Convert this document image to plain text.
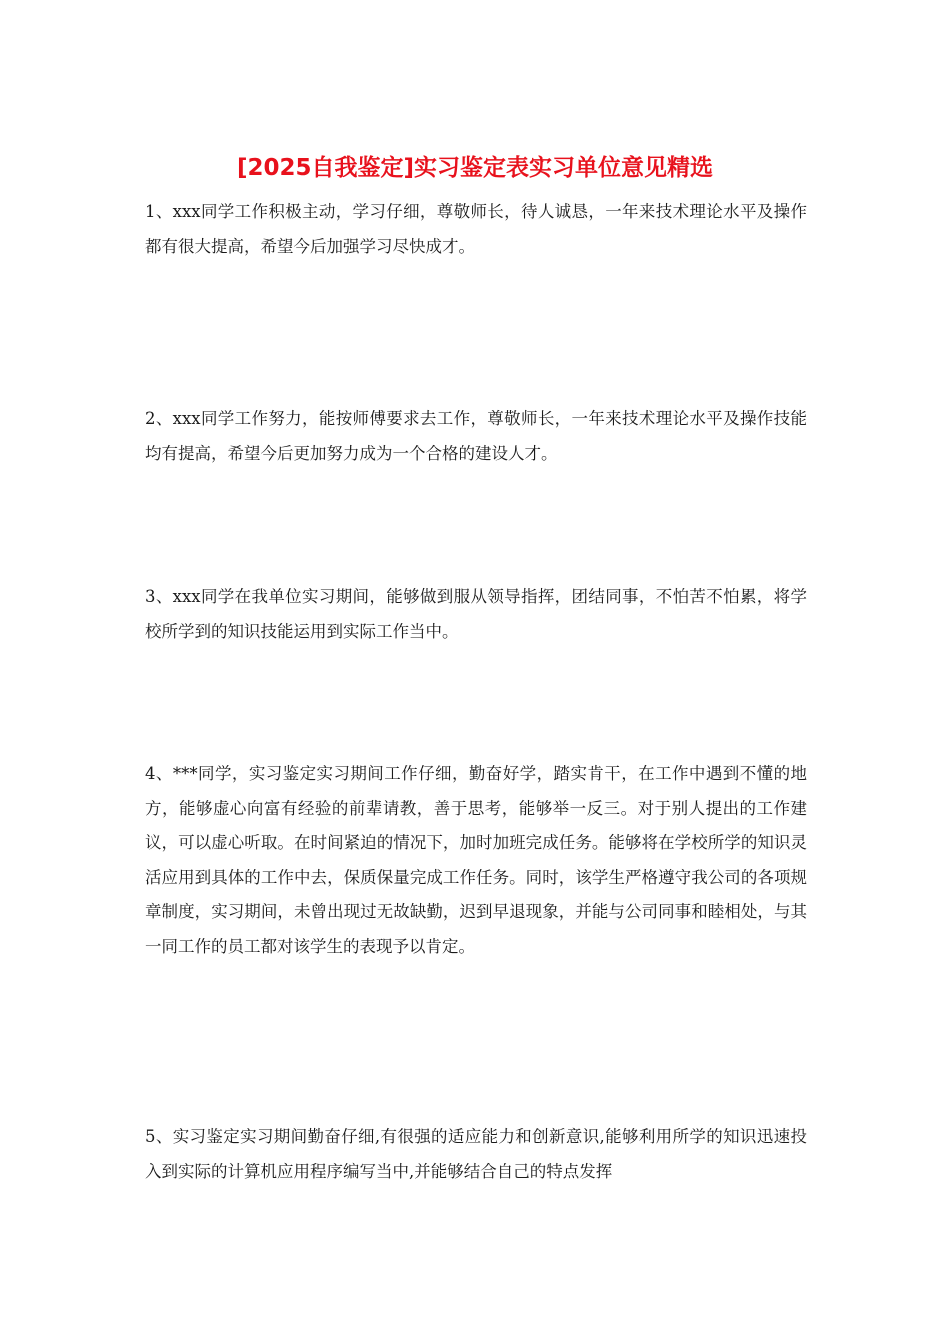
[2025自我鉴定]实习鉴定表实习单位意见精选

1、xxx同学工作积极主动，学习仔细，尊敬师长，待人诚恳，一年来技术理论水平及操作都有很大提高，希望今后加强学习尽快成才。

2、xxx同学工作努力，能按师傅要求去工作，尊敬师长，一年来技术理论水平及操作技能均有提高，希望今后更加努力成为一个合格的建设人才。

3、xxx同学在我单位实习期间，能够做到服从领导指挥，团结同事，不怕苦不怕累，将学校所学到的知识技能运用到实际工作当中。

4、***同学，实习鉴定实习期间工作仔细，勤奋好学，踏实肯干，在工作中遇到不懂的地方，能够虚心向富有经验的前辈请教，善于思考，能够举一反三。对于别人提出的工作建议，可以虚心听取。在时间紧迫的情况下，加时加班完成任务。能够将在学校所学的知识灵活应用到具体的工作中去，保质保量完成工作任务。同时，该学生严格遵守我公司的各项规章制度，实习期间，未曾出现过无故缺勤，迟到早退现象，并能与公司同事和睦相处，与其一同工作的员工都对该学生的表现予以肯定。

5、实习鉴定实习期间勤奋仔细,有很强的适应能力和创新意识,能够利用所学的知识迅速投入到实际的计算机应用程序编写当中,并能够结合自己的特点发挥
